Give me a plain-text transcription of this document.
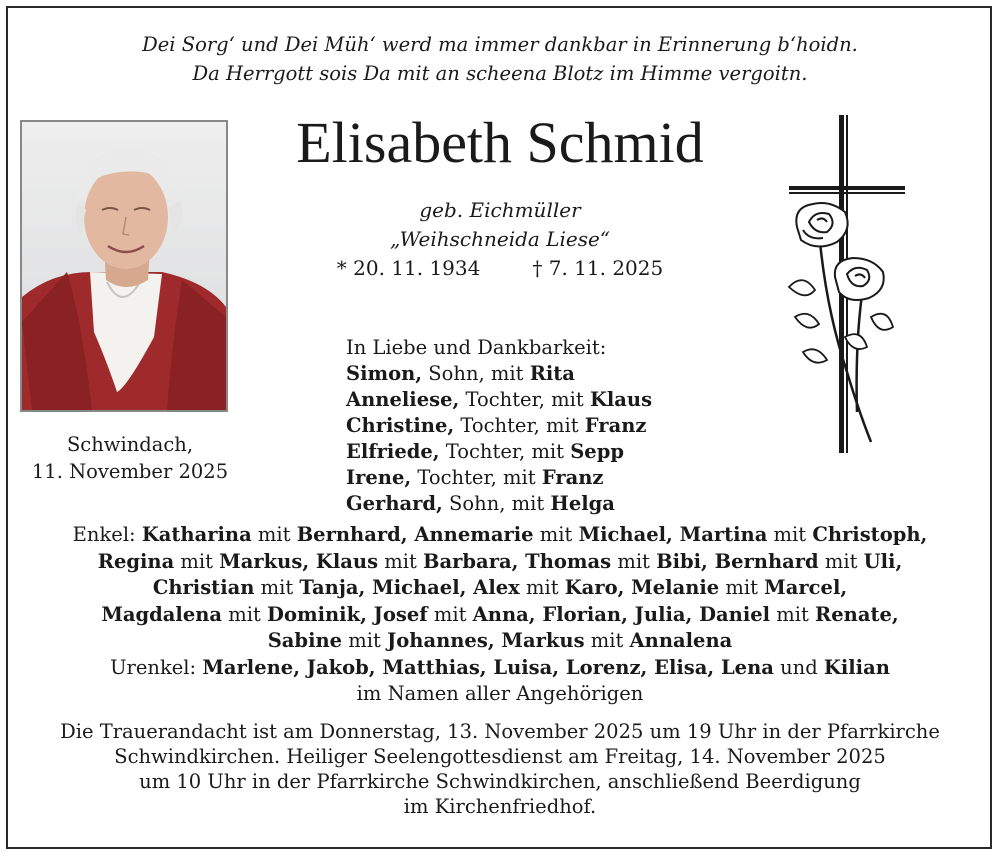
Dei Sorg‘ und Dei Müh‘ werd ma immer dankbar in Erinnerung b‘hoidn.
Da Herrgott sois Da mit an scheena Blotz im Himme vergoitn.
Elisabeth Schmid
geb. Eichmüller
„Weihschneida Liese“
* 20. 11. 1934	† 7. 11. 2025
Schwindach,
11. November 2025
In Liebe und Dankbarkeit:
Simon, Sohn, mit Rita
Anneliese, Tochter, mit Klaus
Christine, Tochter, mit Franz
Elfriede, Tochter, mit Sepp
Irene, Tochter, mit Franz
Gerhard, Sohn, mit Helga
Enkel: Katharina mit Bernhard, Annemarie mit Michael, Martina mit Christoph,
Regina mit Markus, Klaus mit Barbara, Thomas mit Bibi, Bernhard mit Uli,
Christian mit Tanja, Michael, Alex mit Karo, Melanie mit Marcel,
Magdalena mit Dominik, Josef mit Anna, Florian, Julia, Daniel mit Renate,
Sabine mit Johannes, Markus mit Annalena
Urenkel: Marlene, Jakob, Matthias, Luisa, Lorenz, Elisa, Lena und Kilian
im Namen aller Angehörigen
Die Trauerandacht ist am Donnerstag, 13. November 2025 um 19 Uhr in der Pfarrkirche
Schwindkirchen. Heiliger Seelengottesdienst am Freitag, 14. November 2025
um 10 Uhr in der Pfarrkirche Schwindkirchen, anschließend Beerdigung
im Kirchenfriedhof.
